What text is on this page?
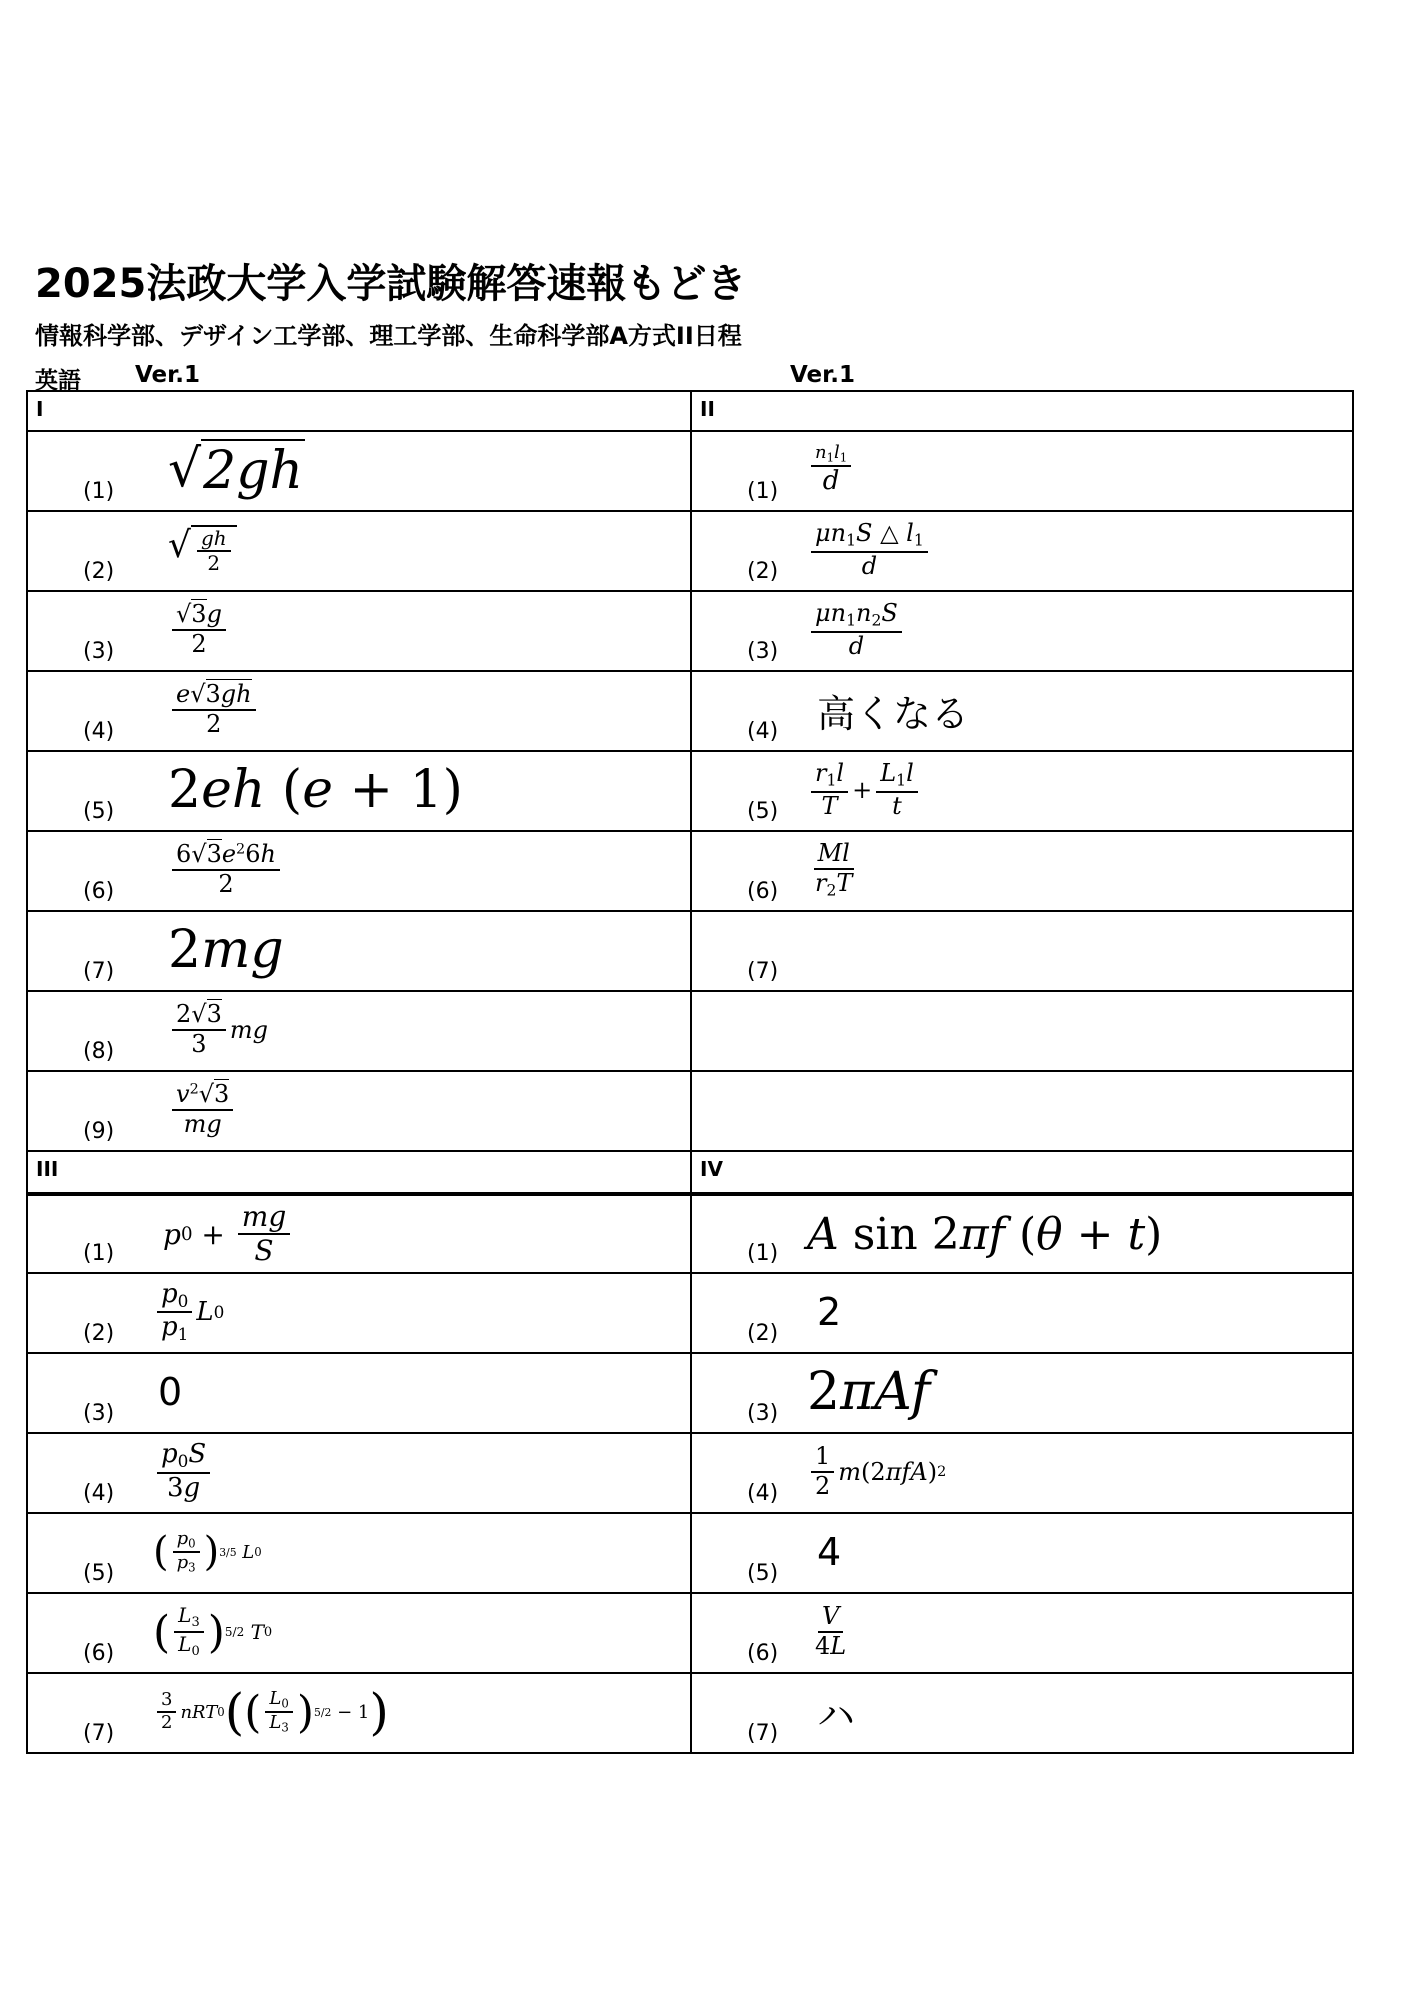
2025法政大学入学試験解答速報もどき
情報科学部、デザイン工学部、理工学部、生命科学部A方式II日程
英語 Ver.1	Ver.1
I
(1) √ 2gh
(2)
√ $\frac{gh}{2}$
$(3) \frac{√3g}{2}$
$(4) \frac{e√3gh}{2}$
(5) 2 eh ( e + 1)
$(6) \frac{6√3e^26h}{2}$
(7) 2 mg
$(8) \frac{2√3}{3}$ mg
$(9) \frac{v^2√3}{mg}$
II
$(1) \frac{n_1l_1}{d}$
$(2) \frac{\mu n_1S \triangle l_1}{d}$
$(3) \frac{\mu n_1n_2S}{d}$
(4) 高くなる
$(5) \frac{r_1l}{T} + \frac{L_1l}{t}$
$(6) \frac{Ml}{r_2T}$
(7)
III
(1)
p $0 + \frac{mg}{S}$
$(2) \frac{p_0}{p_1}$ L 0
(3) 0
$(4) \frac{p_0S}{3g}$
(5) ( $\frac{p_0}{p_3}$ ) 3/5 L 0
(6) ( $\frac{L_3}{L_0}$ ) 5/2 T 0
$(7) \frac{3}{2}$ nRT 0 ( ( $\frac{L_0}{L_3}$ ) 5/2 − 1 )
IV
(1) A sin 2 πf ( θ + t )
(2) 2
(3) 2 πAf
$(4) \frac{1}{2}$ m (2 πfA ) 2
(5) 4
$(6) \frac{V}{4L}$
(7) ハ
